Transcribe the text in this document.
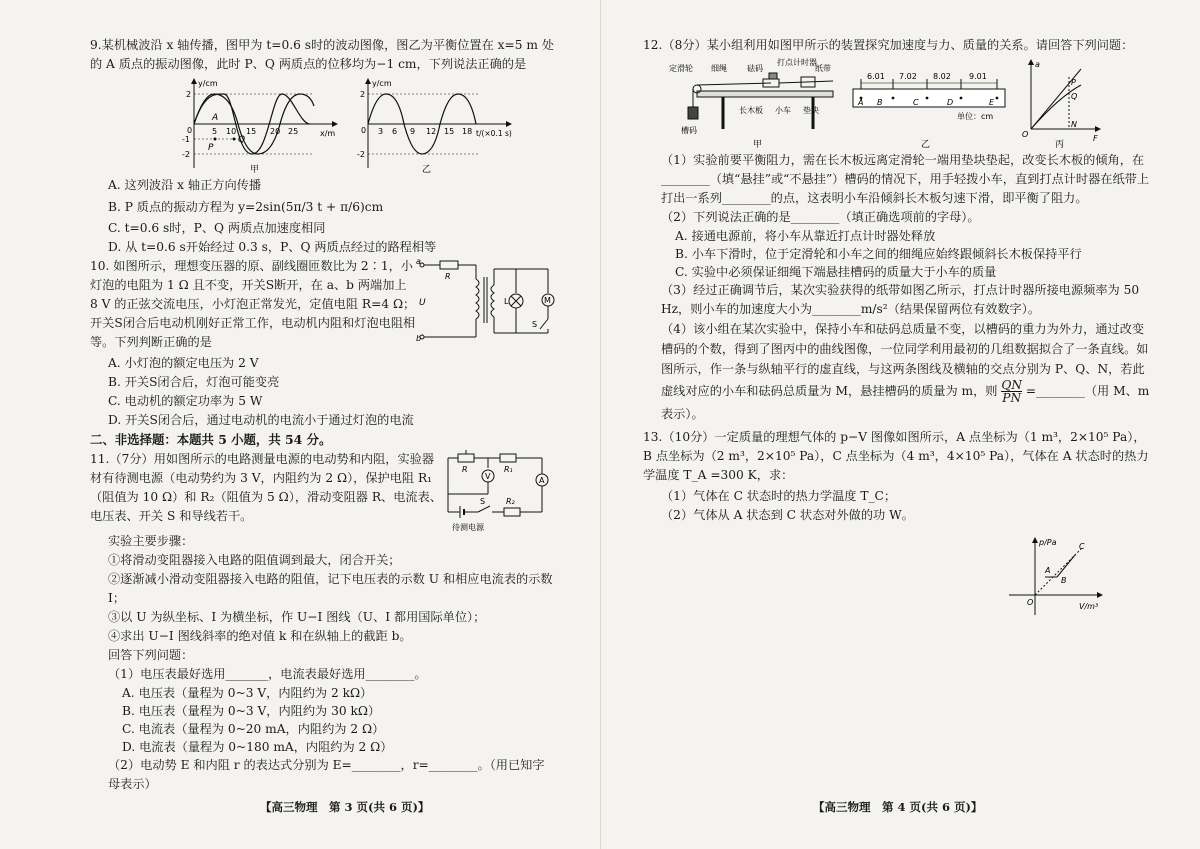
9.某机械波沿 x 轴传播，图甲为 t=0.6 s时的波动图像，图乙为平衡位置在 x=5 m 处的 A 质点的振动图像，此时 P、Q 两质点的位移均为−1 cm，下列说法正确的是
y/cm
x/m
2
-1
-2
0 5 10 15 20 25
A
P
Q
甲
y/cm
t/(×0.1 s)
2
-2
0 3 6 9 12 15 18
乙
A. 这列波沿 x 轴正方向传播
B. P 质点的振动方程为 y=2sin(5π/3 t + π/6)cm
C. t=0.6 s时，P、Q 两质点加速度相同
D. 从 t=0.6 s开始经过 0.3 s，P、Q 两质点经过的路程相等
10. 如图所示，理想变压器的原、副线圈匝数比为 2∶1，小灯泡的电阻为 1 Ω 且不变，开关S断开，在 a、b 两端加上 8 V 的正弦交流电压，小灯泡正常发光，定值电阻 R=4 Ω；开关S闭合后电动机刚好正常工作，电动机内阻和灯泡电阻相等。下列判断正确的是
A. 小灯泡的额定电压为 2 V
B. 开关S闭合后，灯泡可能变亮
C. 电动机的额定功率为 5 W
D. 开关S闭合后，通过电动机的电流小于通过灯泡的电流
a
b
U
R
L	M
S
二、非选择题：本题共 5 小题，共 54 分。
11.（7分）用如图所示的电路测量电源的电动势和内阻，实验器材有待测电源（电动势约为 3 V，内阻约为 2 Ω），保护电阻 R₁（阻值为 10 Ω）和 R₂（阻值为 5 Ω），滑动变阻器 R、电流表、电压表、开关 S 和导线若干。
R	R₁
V	A
S	R₂
待测电源
实验主要步骤：
①将滑动变阻器接入电路的阻值调到最大，闭合开关；
②逐渐减小滑动变阻器接入电路的阻值，记下电压表的示数 U 和相应电流表的示数 I；
③以 U 为纵坐标、I 为横坐标，作 U−I 图线（U、I 都用国际单位）；
④求出 U−I 图线斜率的绝对值 k 和在纵轴上的截距 b。
回答下列问题：
（1）电压表最好选用_______，电流表最好选用________。
A. 电压表（量程为 0~3 V，内阻约为 2 kΩ）
B. 电压表（量程为 0~3 V，内阻约为 30 kΩ）
C. 电流表（量程为 0~20 mA，内阻约为 2 Ω）
D. 电流表（量程为 0~180 mA，内阻约为 2 Ω）
（2）电动势 E 和内阻 r 的表达式分别为 E=________，r=________。（用已知字母表示）
【高三物理　第 3 页(共 6 页)】
12.（8分）某小组利用如图甲所示的装置探究加速度与力、质量的关系。请回答下列问题：
定滑轮 细绳	砝码
打点计时器
纸带
长木板 小车 垫块
槽码
甲
6.01 7.02 8.02 9.01
A B	C	D	E
单位：cm
乙
a
P
Q
N
O	F
丙
（1）实验前要平衡阻力，需在长木板远离定滑轮一端用垫块垫起，改变长木板的倾角，在________（填“悬挂”或“不悬挂”）槽码的情况下，用手轻拨小车，直到打点计时器在纸带上打出一系列________的点，这表明小车沿倾斜长木板匀速下滑，即平衡了阻力。
（2）下列说法正确的是________（填正确选项前的字母）。
A. 接通电源前，将小车从靠近打点计时器处释放
B. 小车下滑时，位于定滑轮和小车之间的细绳应始终跟倾斜长木板保持平行
C. 实验中必须保证细绳下端悬挂槽码的质量大于小车的质量
（3）经过正确调节后，某次实验获得的纸带如图乙所示，打点计时器所接电源频率为 50 Hz，则小车的加速度大小为________m/s²（结果保留两位有效数字）。
（4）该小组在某次实验中，保持小车和砝码总质量不变，以槽码的重力为外力，通过改变槽码的个数，得到了图丙中的曲线图像，一位同学利用最初的几组数据拟合了一条直线。如图所示，作一条与纵轴平行的虚直线，与这两条图线及横轴的交点分别为 P、Q、N，若此虚线对应的小车和砝码总质量为 M，悬挂槽码的质量为 m，则 $\frac{QN}{PN}$ =________（用 M、m 表示）。
13.（10分）一定质量的理想气体的 p−V 图像如图所示，A 点坐标为（1 m³，2×10⁵ Pa），B 点坐标为（2 m³，2×10⁵ Pa），C 点坐标为（4 m³，4×10⁵ Pa），气体在 A 状态时的热力学温度 T_A =300 K，求：
（1）气体在 C 状态时的热力学温度 T_C；
（2）气体从 A 状态到 C 状态对外做的功 W。
p/Pa
V/m³
O
A
B
C
【高三物理　第 4 页(共 6 页)】
